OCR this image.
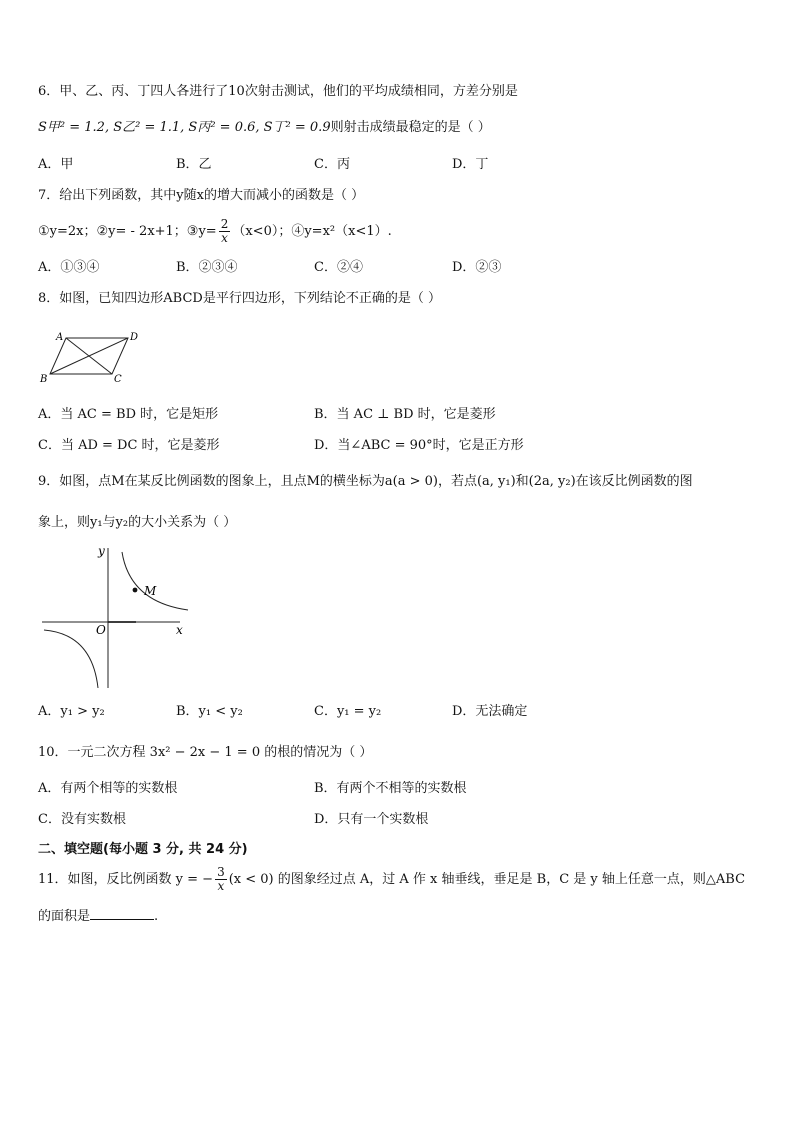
6．甲、乙、丙、丁四人各进行了10次射击测试，他们的平均成绩相同，方差分别是
S甲² = 1.2, S乙² = 1.1, S丙² = 0.6, S丁² = 0.9则射击成绩最稳定的是（ ）
A．甲	B．乙	C．丙	D．丁
7．给出下列函数，其中y随x的增大而减小的函数是（ ）
①y=2x；②y= - 2x+1；③y= $\frac{2}{x} (x<0)$；④y=x²（x<1）.
A．①③④	B．②③④	C．②④	D．②③
8．如图，已知四边形ABCD是平行四边形，下列结论不正确的是（ ）
A	D
B	C
A．当 AC = BD 时，它是矩形	B．当 AC ⊥ BD 时，它是菱形
C．当 AD = DC 时，它是菱形	D．当∠ABC = 90°时，它是正方形
9．如图，点M在某反比例函数的图象上，且点M的横坐标为a(a > 0)，若点(a, y₁)和(2a, y₂)在该反比例函数的图
象上，则y₁与y₂的大小关系为（ ）
y
M
O	x
A．y₁ > y₂	B．y₁ < y₂	C．y₁ = y₂	D．无法确定
10．一元二次方程 3x² − 2x − 1 = 0 的根的情况为（ ）
A．有两个相等的实数根	B．有两个不相等的实数根
C．没有实数根	D．只有一个实数根
二、填空题(每小题 3 分, 共 24 分)
11．如图，反比例函数 y = − $\frac{3}{x} (x < 0)$ 的图象经过点 A，过 A 作 x 轴垂线，垂足是 B，C 是 y 轴上任意一点，则△ABC
的面积是	.
